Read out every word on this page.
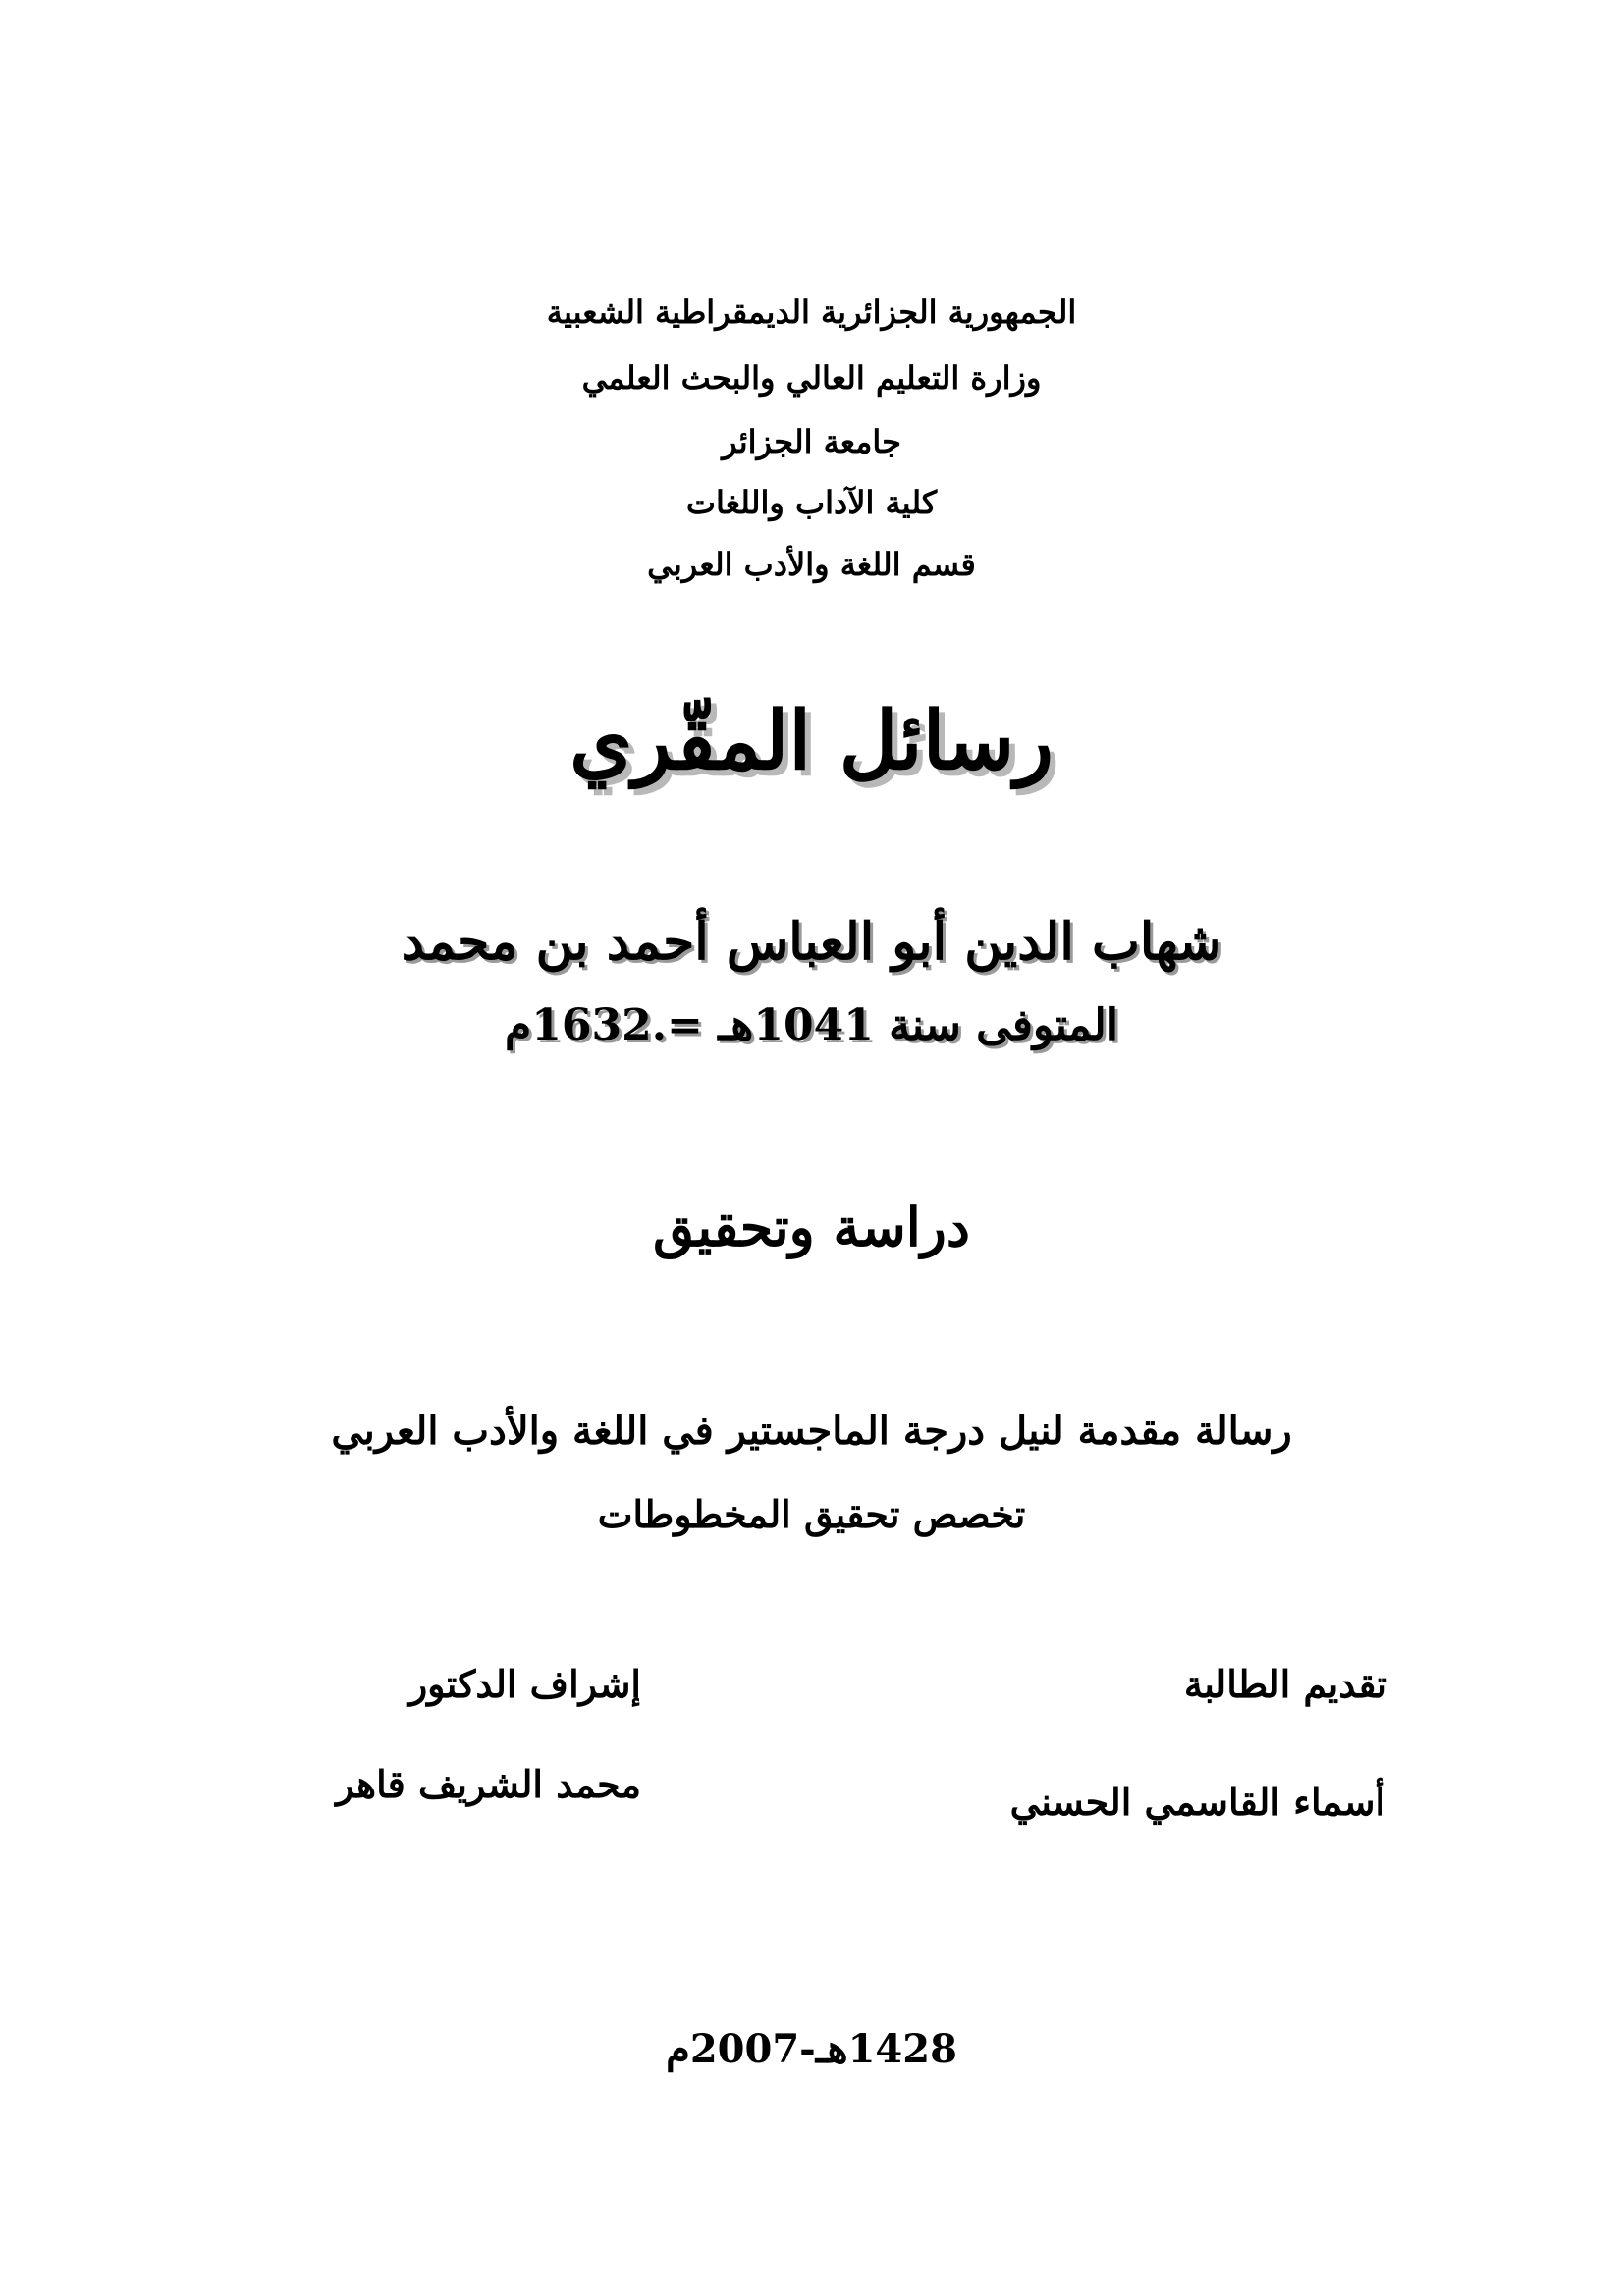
الجمهورية الجزائرية الديمقراطية الشعبية
وزارة التعليم العالي والبحث العلمي
جامعة الجزائر
كلية الآداب واللغات
قسم اللغة والأدب العربي
رسائل المقّري
شهاب الدين أبو العباس أحمد بن محمد
المتوفى سنة 1041هـ =.1632م
دراسة وتحقيق
رسالة مقدمة لنيل درجة الماجستير في اللغة والأدب العربي
تخصص تحقيق المخطوطات
تقديم الطالبة
أسماء القاسمي الحسني
إشراف الدكتور
محمد الشريف قاهر
1428هـ-2007م
